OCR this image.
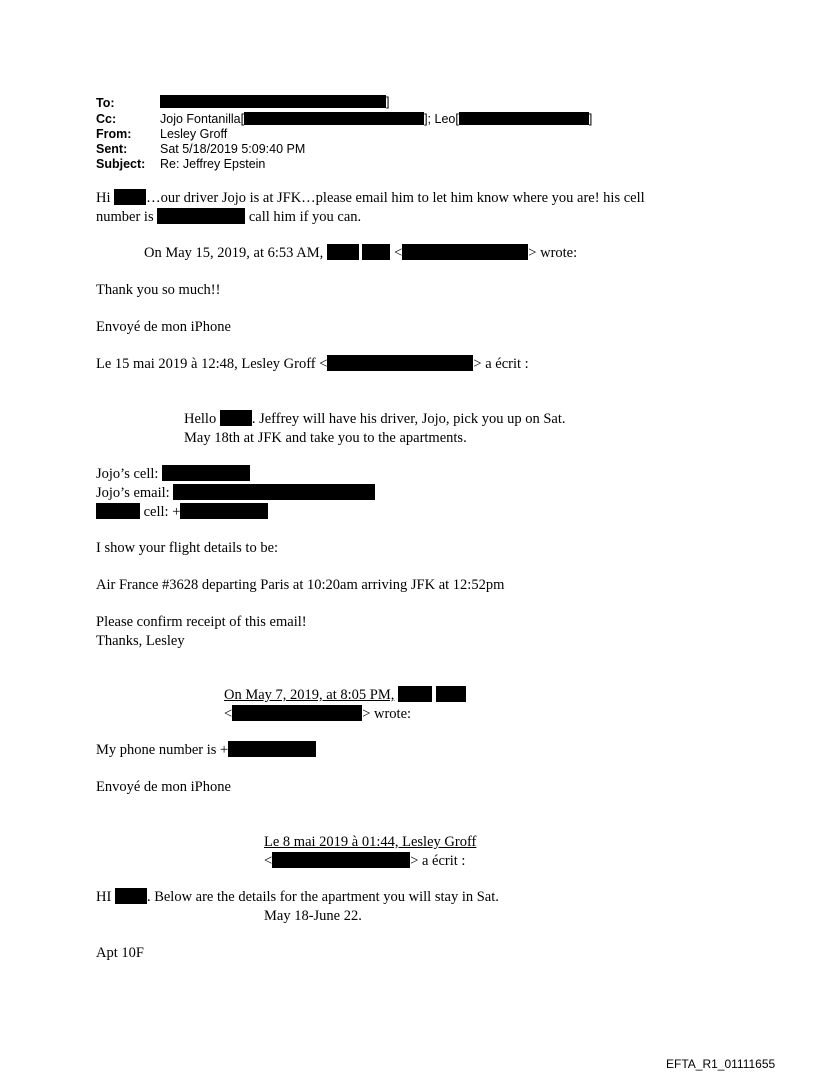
To:	]
Cc:	Jojo Fontanilla[	]; Leo[	]
From: Lesley Groff
Sent:	Sat 5/18/2019 5:09:40 PM
Subject: Re: Jeffrey Epstein
Hi …our driver Jojo is at JFK…please email him to let him know where you are! his cell
number is	call him if you can.
On May 15, 2019, at 6:53 AM,	<	> wrote:
Thank you so much!!
Envoyé de mon iPhone
Le 15 mai 2019 à 12:48, Lesley Groff <	> a écrit :
Hello . Jeffrey will have his driver, Jojo, pick you up on Sat.
May 18th at JFK and take you to the apartments.
Jojo’s cell:
Jojo’s email:
cell: +
I show your flight details to be:
Air France #3628 departing Paris at 10:20am arriving JFK at 12:52pm
Please confirm receipt of this email!
Thanks, Lesley
On May 7, 2019, at 8:05 PM,
<	> wrote:
My phone number is +
Envoyé de mon iPhone
Le 8 mai 2019 à 01:44, Lesley Groff
<	> a écrit :
HI . Below are the details for the apartment you will stay in Sat.
May 18-June 22.
Apt 10F
EFTA_R1_01111655
